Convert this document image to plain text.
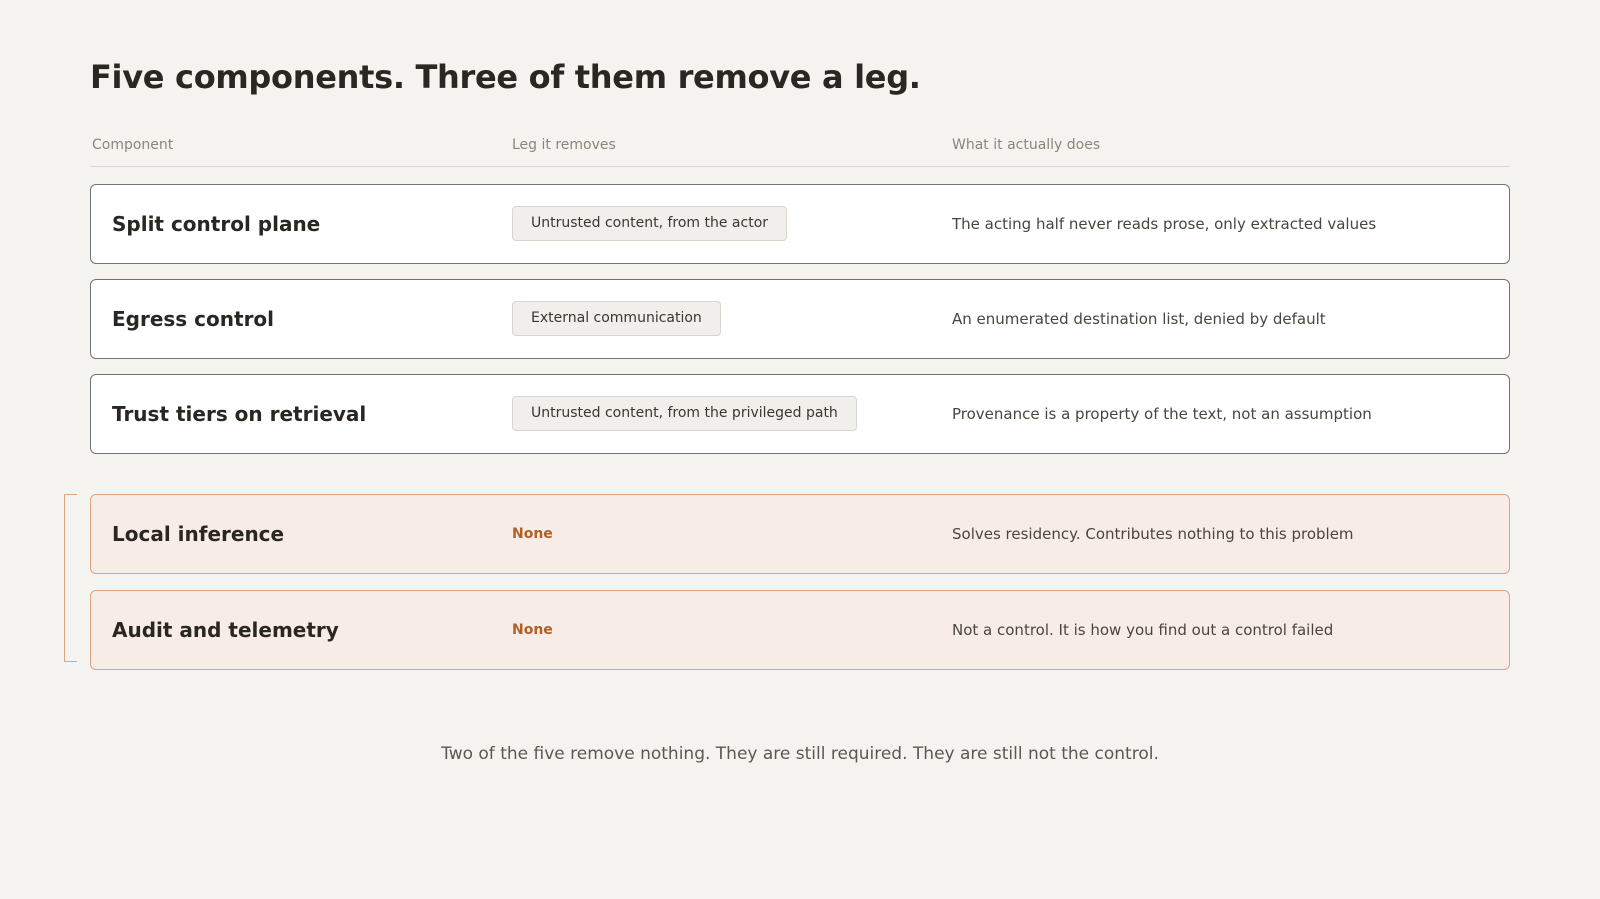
Five components. Three of them remove a leg.
Component	Leg it removes	What it actually does
Split control plane	Untrusted content, from the actor	The acting half never reads prose, only extracted values
Egress control	External communication	An enumerated destination list, denied by default
Trust tiers on retrieval	Untrusted content, from the privileged path	Provenance is a property of the text, not an assumption
Local inference	None	Solves residency. Contributes nothing to this problem
Audit and telemetry	None	Not a control. It is how you find out a control failed
Two of the five remove nothing. They are still required. They are still not the control.
